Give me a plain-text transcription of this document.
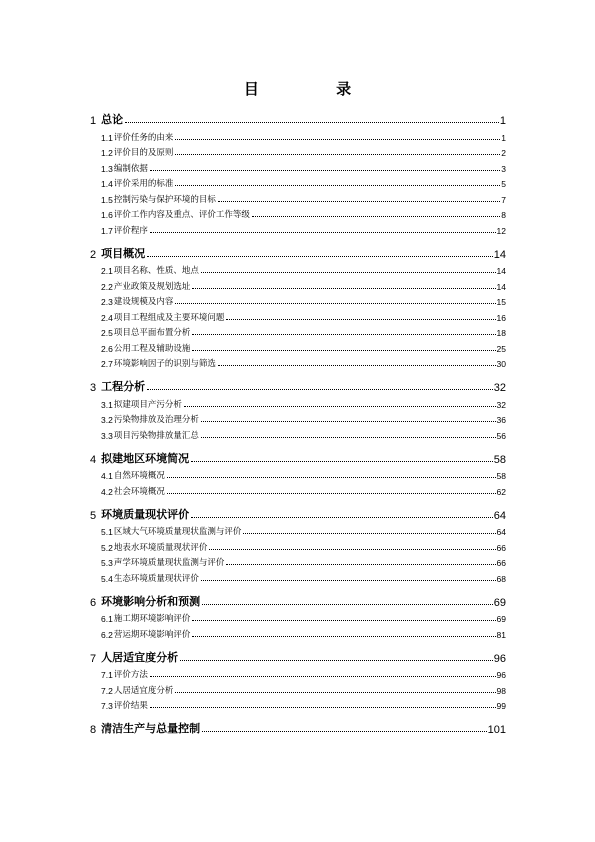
目 录
1 总论	1
1.1 评价任务的由来	1
1.2 评价目的及原则	2
1.3 编制依据	3
1.4 评价采用的标准	5
1.5 控制污染与保护环境的目标	7
1.6 评价工作内容及重点、评价工作等级	8
1.7 评价程序	12
2 项目概况	14
2.1 项目名称、性质、地点	14
2.2 产业政策及规划选址	14
2.3 建设规模及内容	15
2.4 项目工程组成及主要环境问题	16
2.5 项目总平面布置分析	18
2.6 公用工程及辅助设施	25
2.7 环境影响因子的识别与筛选	30
3 工程分析	32
3.1 拟建项目产污分析	32
3.2 污染物排放及治理分析	36
3.3 项目污染物排放量汇总	56
4 拟建地区环境简况	58
4.1 自然环境概况	58
4.2 社会环境概况	62
5 环境质量现状评价	64
5.1 区域大气环境质量现状监测与评价	64
5.2 地表水环境质量现状评价	66
5.3 声学环境质量现状监测与评价	66
5.4 生态环境质量现状评价	68
6 环境影响分析和预测	69
6.1 施工期环境影响评价	69
6.2 营运期环境影响评价	81
7 人居适宜度分析	96
7.1 评价方法	96
7.2 人居适宜度分析	98
7.3 评价结果	99
8 清洁生产与总量控制	101
